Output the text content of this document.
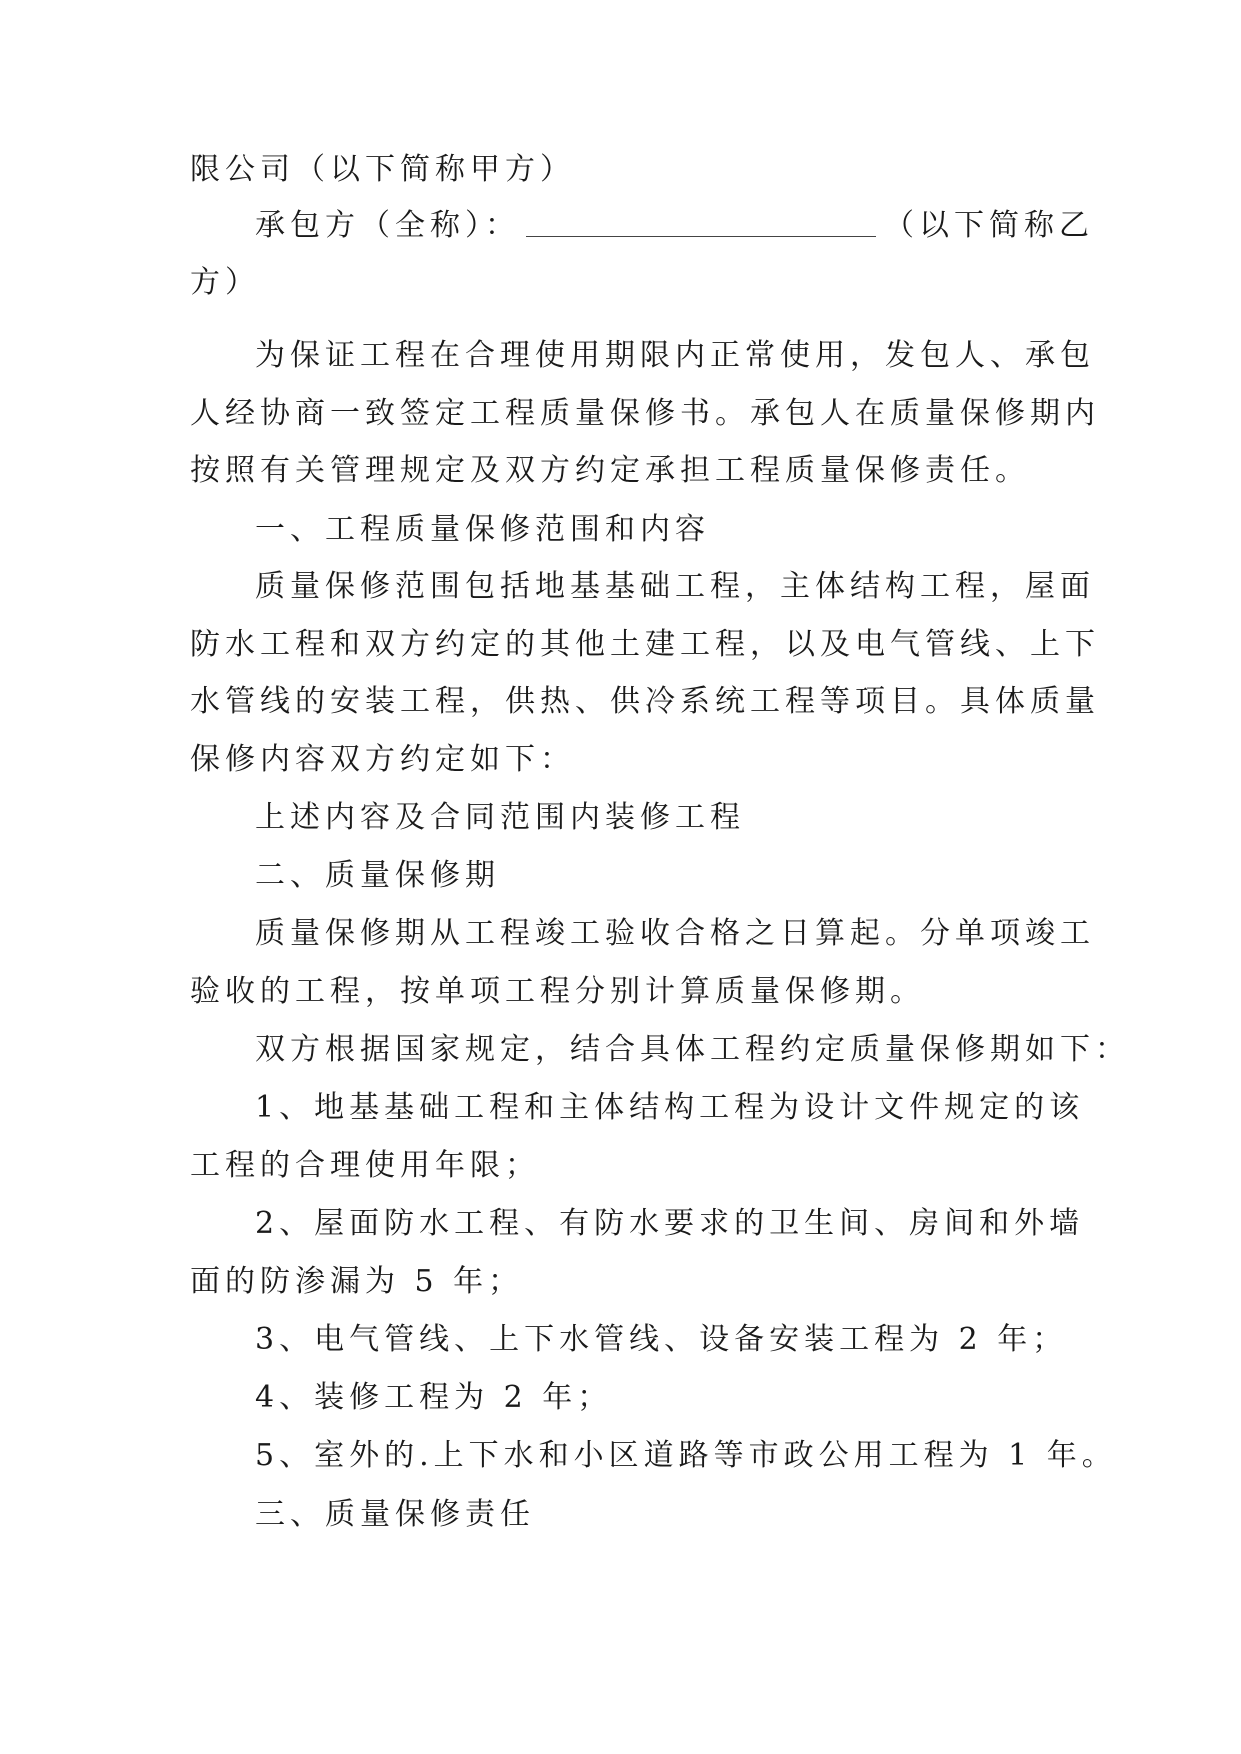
限公司（以下简称甲方）
承包方（全称）：	（以下简称乙
方）
为保证工程在合理使用期限内正常使用，发包人、承包
人经协商一致签定工程质量保修书。承包人在质量保修期内
按照有关管理规定及双方约定承担工程质量保修责任。
一、工程质量保修范围和内容
质量保修范围包括地基基础工程，主体结构工程，屋面
防水工程和双方约定的其他土建工程，以及电气管线、上下
水管线的安装工程，供热、供冷系统工程等项目。具体质量
保修内容双方约定如下：
上述内容及合同范围内装修工程
二、质量保修期
质量保修期从工程竣工验收合格之日算起。分单项竣工
验收的工程，按单项工程分别计算质量保修期。
双方根据国家规定，结合具体工程约定质量保修期如下：
1、地基基础工程和主体结构工程为设计文件规定的该
工程的合理使用年限；
2、屋面防水工程、有防水要求的卫生间、房间和外墙
面的防渗漏为 5 年；
3、电气管线、上下水管线、设备安装工程为 2 年；
4、装修工程为 2 年；
5、室外的.上下水和小区道路等市政公用工程为 1 年。
三、质量保修责任
